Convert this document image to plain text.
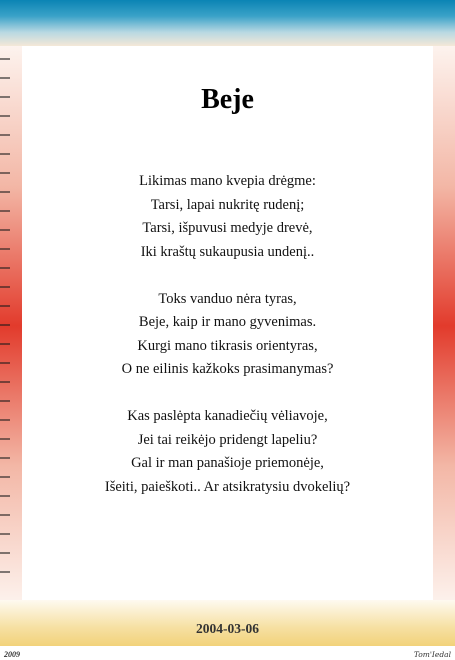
Beje
Likimas mano kvepia drėgme:
Tarsi, lapai nukritę rudenį;
Tarsi, išpuvusi medyje drevė,
Iki kraštų sukaupusia undenį..
Toks vanduo nėra tyras,
Beje, kaip ir mano gyvenimas.
Kurgi mano tikrasis orientyras,
O ne eilinis kažkoks prasimanymas?
Kas paslėpta kanadiečių vėliavoje,
Jei tai reikėjo pridengt lapeliu?
Gal ir man panašioje priemonėje,
Išeiti, paieškoti.. Ar atsikratysiu dvokelių?
2004-03-06
2009	Tom'Iedal
